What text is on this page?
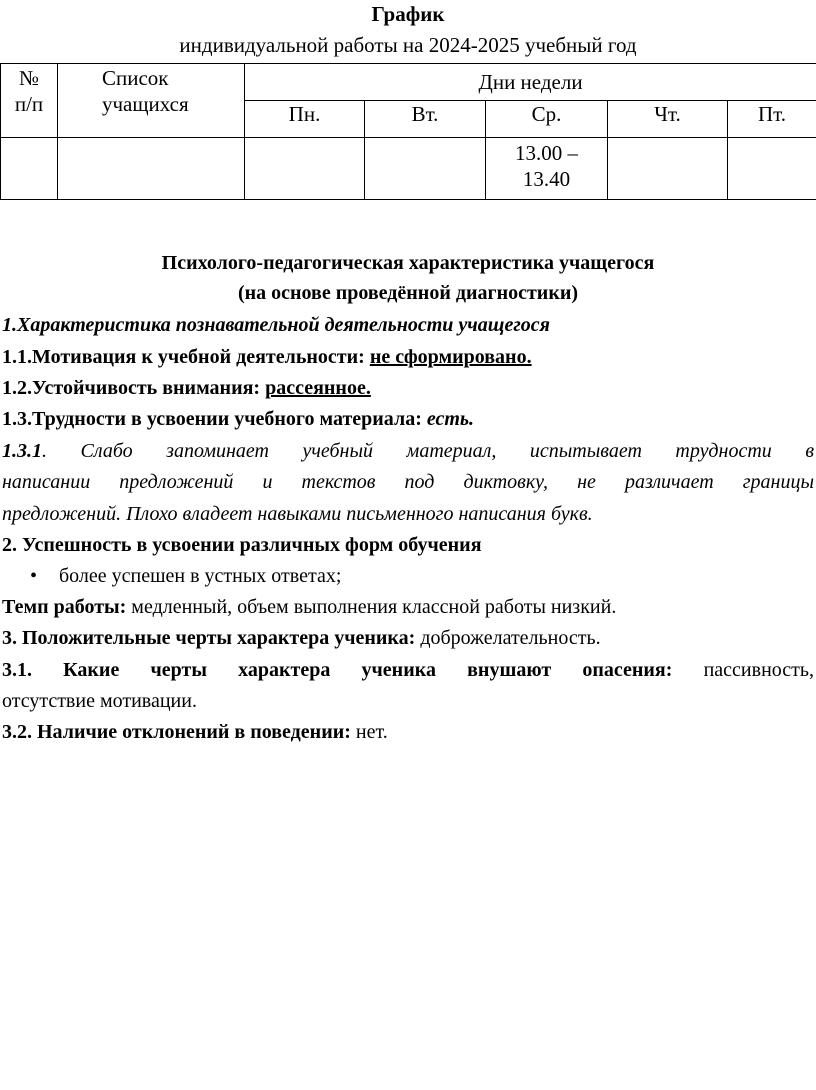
График
индивидуальной работы на 2024-2025 учебный год
№ п/п	Список учащихся	Дни недели				
		Пн.	Вт.	Ср.	Чт.	Пт.

				13.00 –
13.40		

Психолого-педагогическая характеристика учащегося
(на основе проведённой диагностики)
1.Характеристика познавательной деятельности учащегося
1.1.Мотивация к учебной деятельности: не сформировано.
1.2.Устойчивость внимания: рассеянное.
1.3.Трудности в усвоении учебного материала: есть.
1.3.1. Слабо запоминает учебный материал, испытывает трудности в
написании предложений и текстов под диктовку, не различает границы
предложений. Плохо владеет навыками письменного написания букв.
2. Успешность в усвоении различных форм обучения
• более успешен в устных ответах;
Темп работы: медленный, объем выполнения классной работы низкий.
3. Положительные черты характера ученика: доброжелательность.
3.1. Какие черты характера ученика внушают опасения: пассивность,
отсутствие мотивации.
3.2. Наличие отклонений в поведении: нет.
